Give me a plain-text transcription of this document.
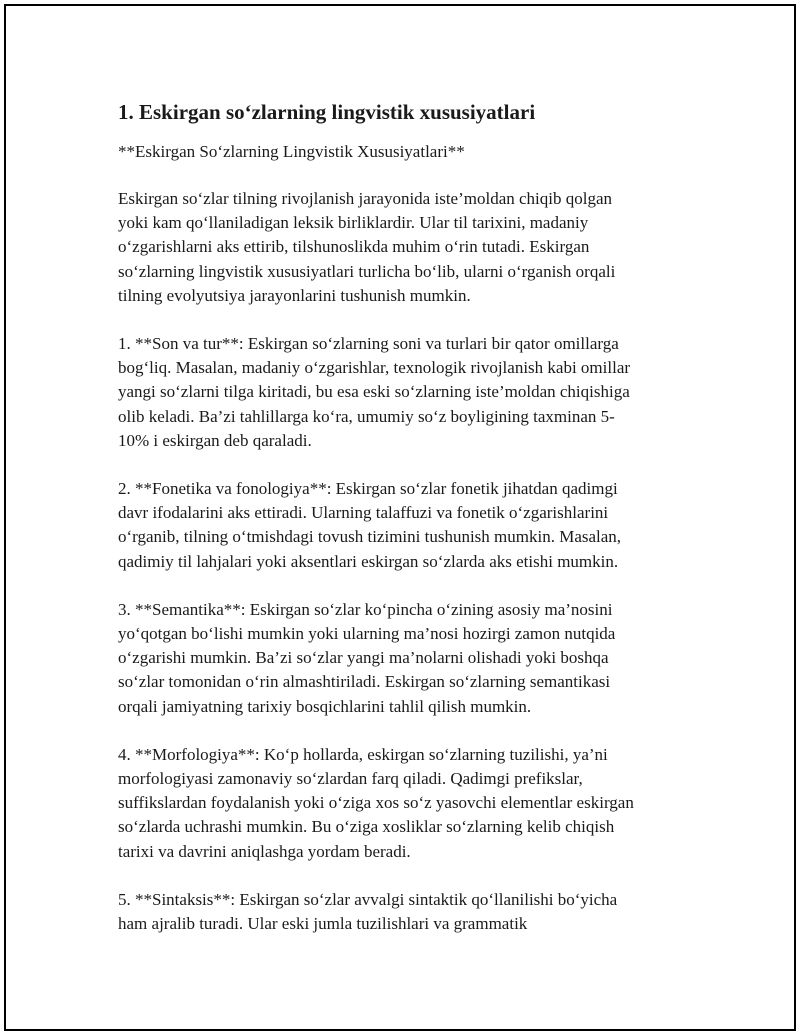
1. Eskirgan so‘zlarning lingvistik xususiyatlari
**Eskirgan So‘zlarning Lingvistik Xususiyatlari**
Eskirgan so‘zlar tilning rivojlanish jarayonida iste’moldan chiqib qolgan
yoki kam qo‘llaniladigan leksik birliklardir. Ular til tarixini, madaniy
o‘zgarishlarni aks ettirib, tilshunoslikda muhim o‘rin tutadi. Eskirgan
so‘zlarning lingvistik xususiyatlari turlicha bo‘lib, ularni o‘rganish orqali
tilning evolyutsiya jarayonlarini tushunish mumkin.
1. **Son va tur**: Eskirgan so‘zlarning soni va turlari bir qator omillarga
bog‘liq. Masalan, madaniy o‘zgarishlar, texnologik rivojlanish kabi omillar
yangi so‘zlarni tilga kiritadi, bu esa eski so‘zlarning iste’moldan chiqishiga
olib keladi. Ba’zi tahlillarga ko‘ra, umumiy so‘z boyligining taxminan 5-
10% i eskirgan deb qaraladi.
2. **Fonetika va fonologiya**: Eskirgan so‘zlar fonetik jihatdan qadimgi
davr ifodalarini aks ettiradi. Ularning talaffuzi va fonetik o‘zgarishlarini
o‘rganib, tilning o‘tmishdagi tovush tizimini tushunish mumkin. Masalan,
qadimiy til lahjalari yoki aksentlari eskirgan so‘zlarda aks etishi mumkin.
3. **Semantika**: Eskirgan so‘zlar ko‘pincha o‘zining asosiy ma’nosini
yo‘qotgan bo‘lishi mumkin yoki ularning ma’nosi hozirgi zamon nutqida
o‘zgarishi mumkin. Ba’zi so‘zlar yangi ma’nolarni olishadi yoki boshqa
so‘zlar tomonidan o‘rin almashtiriladi. Eskirgan so‘zlarning semantikasi
orqali jamiyatning tarixiy bosqichlarini tahlil qilish mumkin.
4. **Morfologiya**: Ko‘p hollarda, eskirgan so‘zlarning tuzilishi, ya’ni
morfologiyasi zamonaviy so‘zlardan farq qiladi. Qadimgi prefikslar,
suffikslardan foydalanish yoki o‘ziga xos so‘z yasovchi elementlar eskirgan
so‘zlarda uchrashi mumkin. Bu o‘ziga xosliklar so‘zlarning kelib chiqish
tarixi va davrini aniqlashga yordam beradi.
5. **Sintaksis**: Eskirgan so‘zlar avvalgi sintaktik qo‘llanilishi bo‘yicha
ham ajralib turadi. Ular eski jumla tuzilishlari va grammatik
